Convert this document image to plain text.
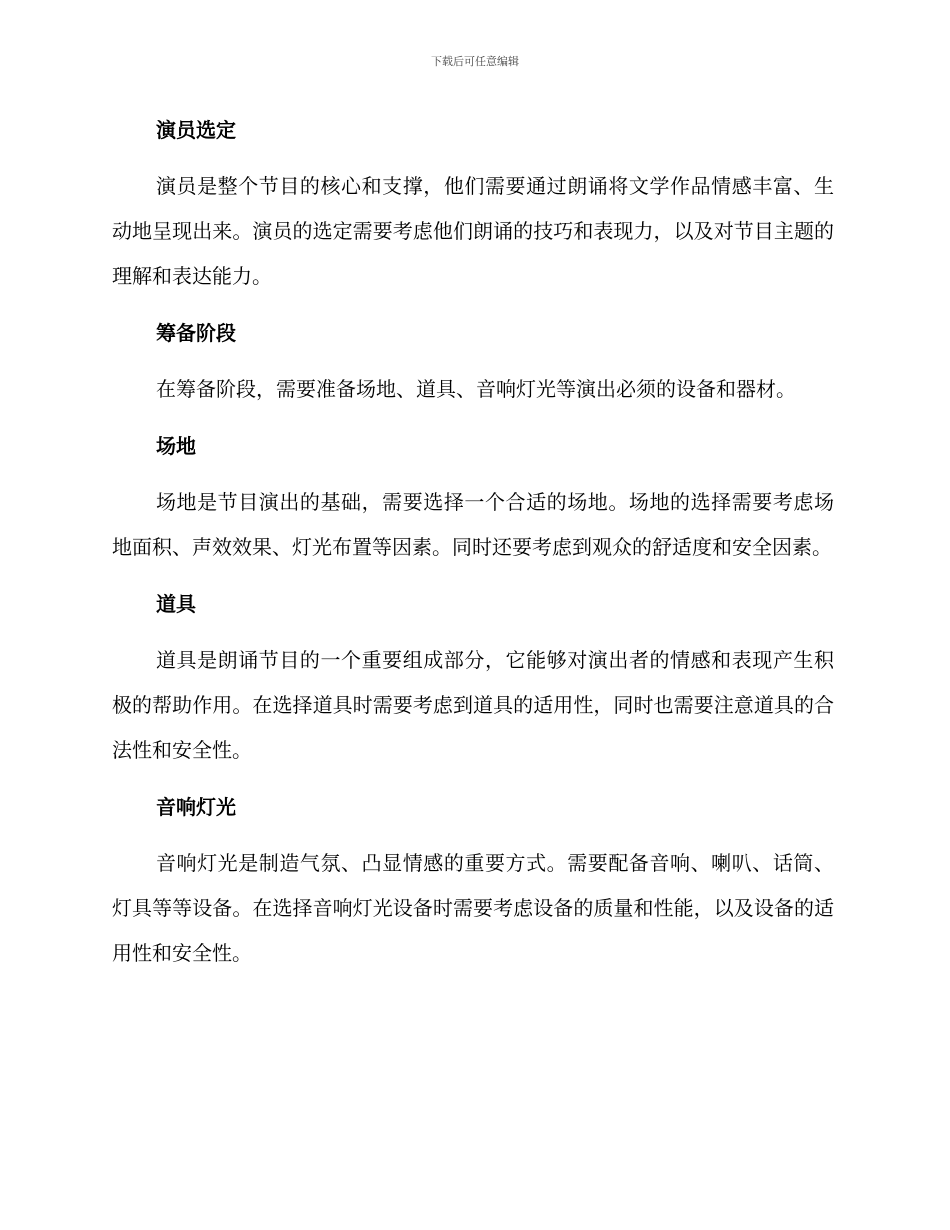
下载后可任意编辑

演员选定

演员是整个节目的核心和支撑，他们需要通过朗诵将文学作品情感丰富、生动地呈现出来。演员的选定需要考虑他们朗诵的技巧和表现力，以及对节目主题的理解和表达能力。

筹备阶段

在筹备阶段，需要准备场地、道具、音响灯光等演出必须的设备和器材。

场地

场地是节目演出的基础，需要选择一个合适的场地。场地的选择需要考虑场地面积、声效效果、灯光布置等因素。同时还要考虑到观众的舒适度和安全因素。

道具

道具是朗诵节目的一个重要组成部分，它能够对演出者的情感和表现产生积极的帮助作用。在选择道具时需要考虑到道具的适用性，同时也需要注意道具的合法性和安全性。

音响灯光

音响灯光是制造气氛、凸显情感的重要方式。需要配备音响、喇叭、话筒、灯具等等设备。在选择音响灯光设备时需要考虑设备的质量和性能，以及设备的适用性和安全性。
